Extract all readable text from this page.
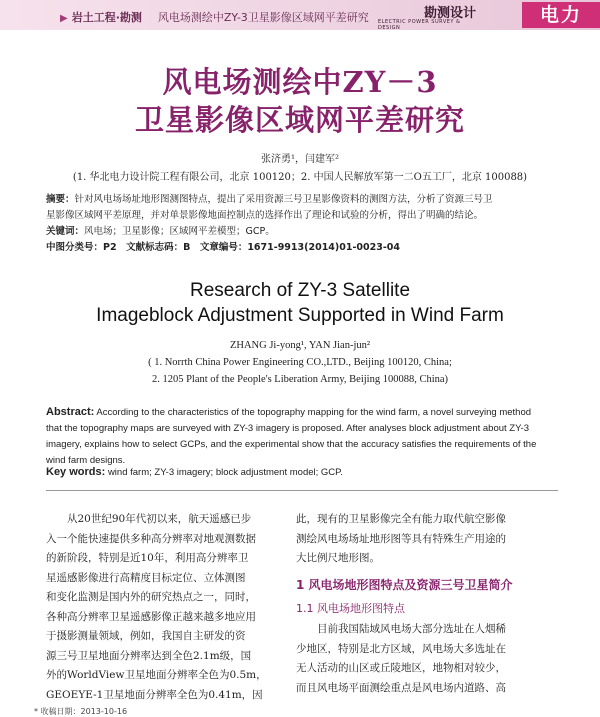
▶ 岩土工程·勘测 风电场测绘中ZY-3卫星影像区域网平差研究	勘测设计
ELECTRIC POWER SURVEY & DESIGN
电力
风电场测绘中ZY－3
卫星影像区域网平差研究
张济勇¹，闫建军²
(1. 华北电力设计院工程有限公司，北京 100120；2. 中国人民解放军第一二O五工厂，北京 100088)
摘要：针对风电场场址地形图测图特点，提出了采用资源三号卫星影像资料的测图方法，分析了资源三号卫
星影像区域网平差原理，并对单景影像地面控制点的选择作出了理论和试验的分析，得出了明确的结论。
关键词：风电场；卫星影像；区域网平差模型；GCP。
中图分类号：P2　文献标志码：B　文章编号：1671-9913(2014)01-0023-04
Research of ZY-3 Satellite
Imageblock Adjustment Supported in Wind Farm
ZHANG Ji-yong¹, YAN Jian-jun²
( 1. Norrth China Power Engineering CO.,LTD., Beijing 100120, China;
2. 1205 Plant of the People's Liberation Army, Beijing 100088, China)
Abstract: According to the characteristics of the topography mapping for the wind farm, a novel surveying method
that the topography maps are surveyed with ZY-3 imagery is proposed. After analyses block adjustment about ZY-3
imagery, explains how to select GCPs, and the experimental show that the accuracy satisfies the requirements of the
wind farm designs.
Key words: wind farm; ZY-3 imagery; block adjustment model; GCP.
从20世纪90年代初以来，航天遥感已步
入一个能快速提供多种高分辨率对地观测数据
的新阶段，特别是近10年，利用高分辨率卫
星遥感影像进行高精度目标定位、立体测图
和变化监测是国内外的研究热点之一，同时，
各种高分辨率卫星遥感影像正越来越多地应用
于摄影测量领域，例如，我国自主研发的资
源三号卫星地面分辨率达到全色2.1m级，国
外的WorldView卫星地面分辨率全色为0.5m，
GEOEYE-1卫星地面分辨率全色为0.41m，因
此，现有的卫星影像完全有能力取代航空影像
测绘风电场场址地形图等具有特殊生产用途的
大比例尺地形图。
1 风电场地形图特点及资源三号卫星简介
1.1 风电场地形图特点
目前我国陆域风电场大部分选址在人烟稀
少地区，特别是北方区域，风电场大多选址在
无人活动的山区或丘陵地区，地物相对较少，
而且风电场平面测绘重点是风电场内道路、高
* 收稿日期：2013-10-16
